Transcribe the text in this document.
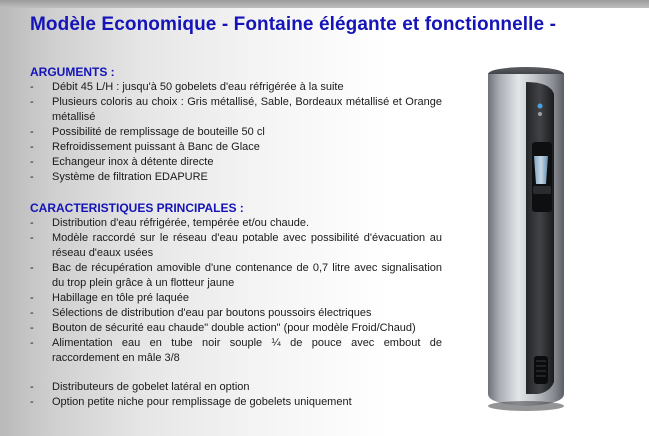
Modèle Economique - Fontaine élégante et fonctionnelle -
ARGUMENTS :
- Débit 45 L/H : jusqu'à 50 gobelets d'eau réfrigérée à la suite
- Plusieurs coloris au choix : Gris métallisé, Sable, Bordeaux métallisé et Orange métallisé
- Possibilité de remplissage de bouteille 50 cl
- Refroidissement puissant à Banc de Glace
- Echangeur inox à détente directe
- Système de filtration EDAPURE
CARACTERISTIQUES PRINCIPALES :
- Distribution d'eau réfrigérée, tempérée et/ou chaude.
- Modèle raccordé sur le réseau d'eau potable avec possibilité d'évacuation au réseau d'eaux usées
- Bac de récupération amovible d'une contenance de 0,7 litre avec signalisation du trop plein grâce à un flotteur jaune
- Habillage en tôle pré laquée
- Sélections de distribution d'eau par boutons poussoirs électriques
- Bouton de sécurité eau chaude" double action" (pour modèle Froid/Chaud)
- Alimentation eau en tube noir souple ¼ de pouce avec embout de raccordement en mâle 3/8
- Distributeurs de gobelet latéral en option
- Option petite niche pour remplissage de gobelets uniquement
